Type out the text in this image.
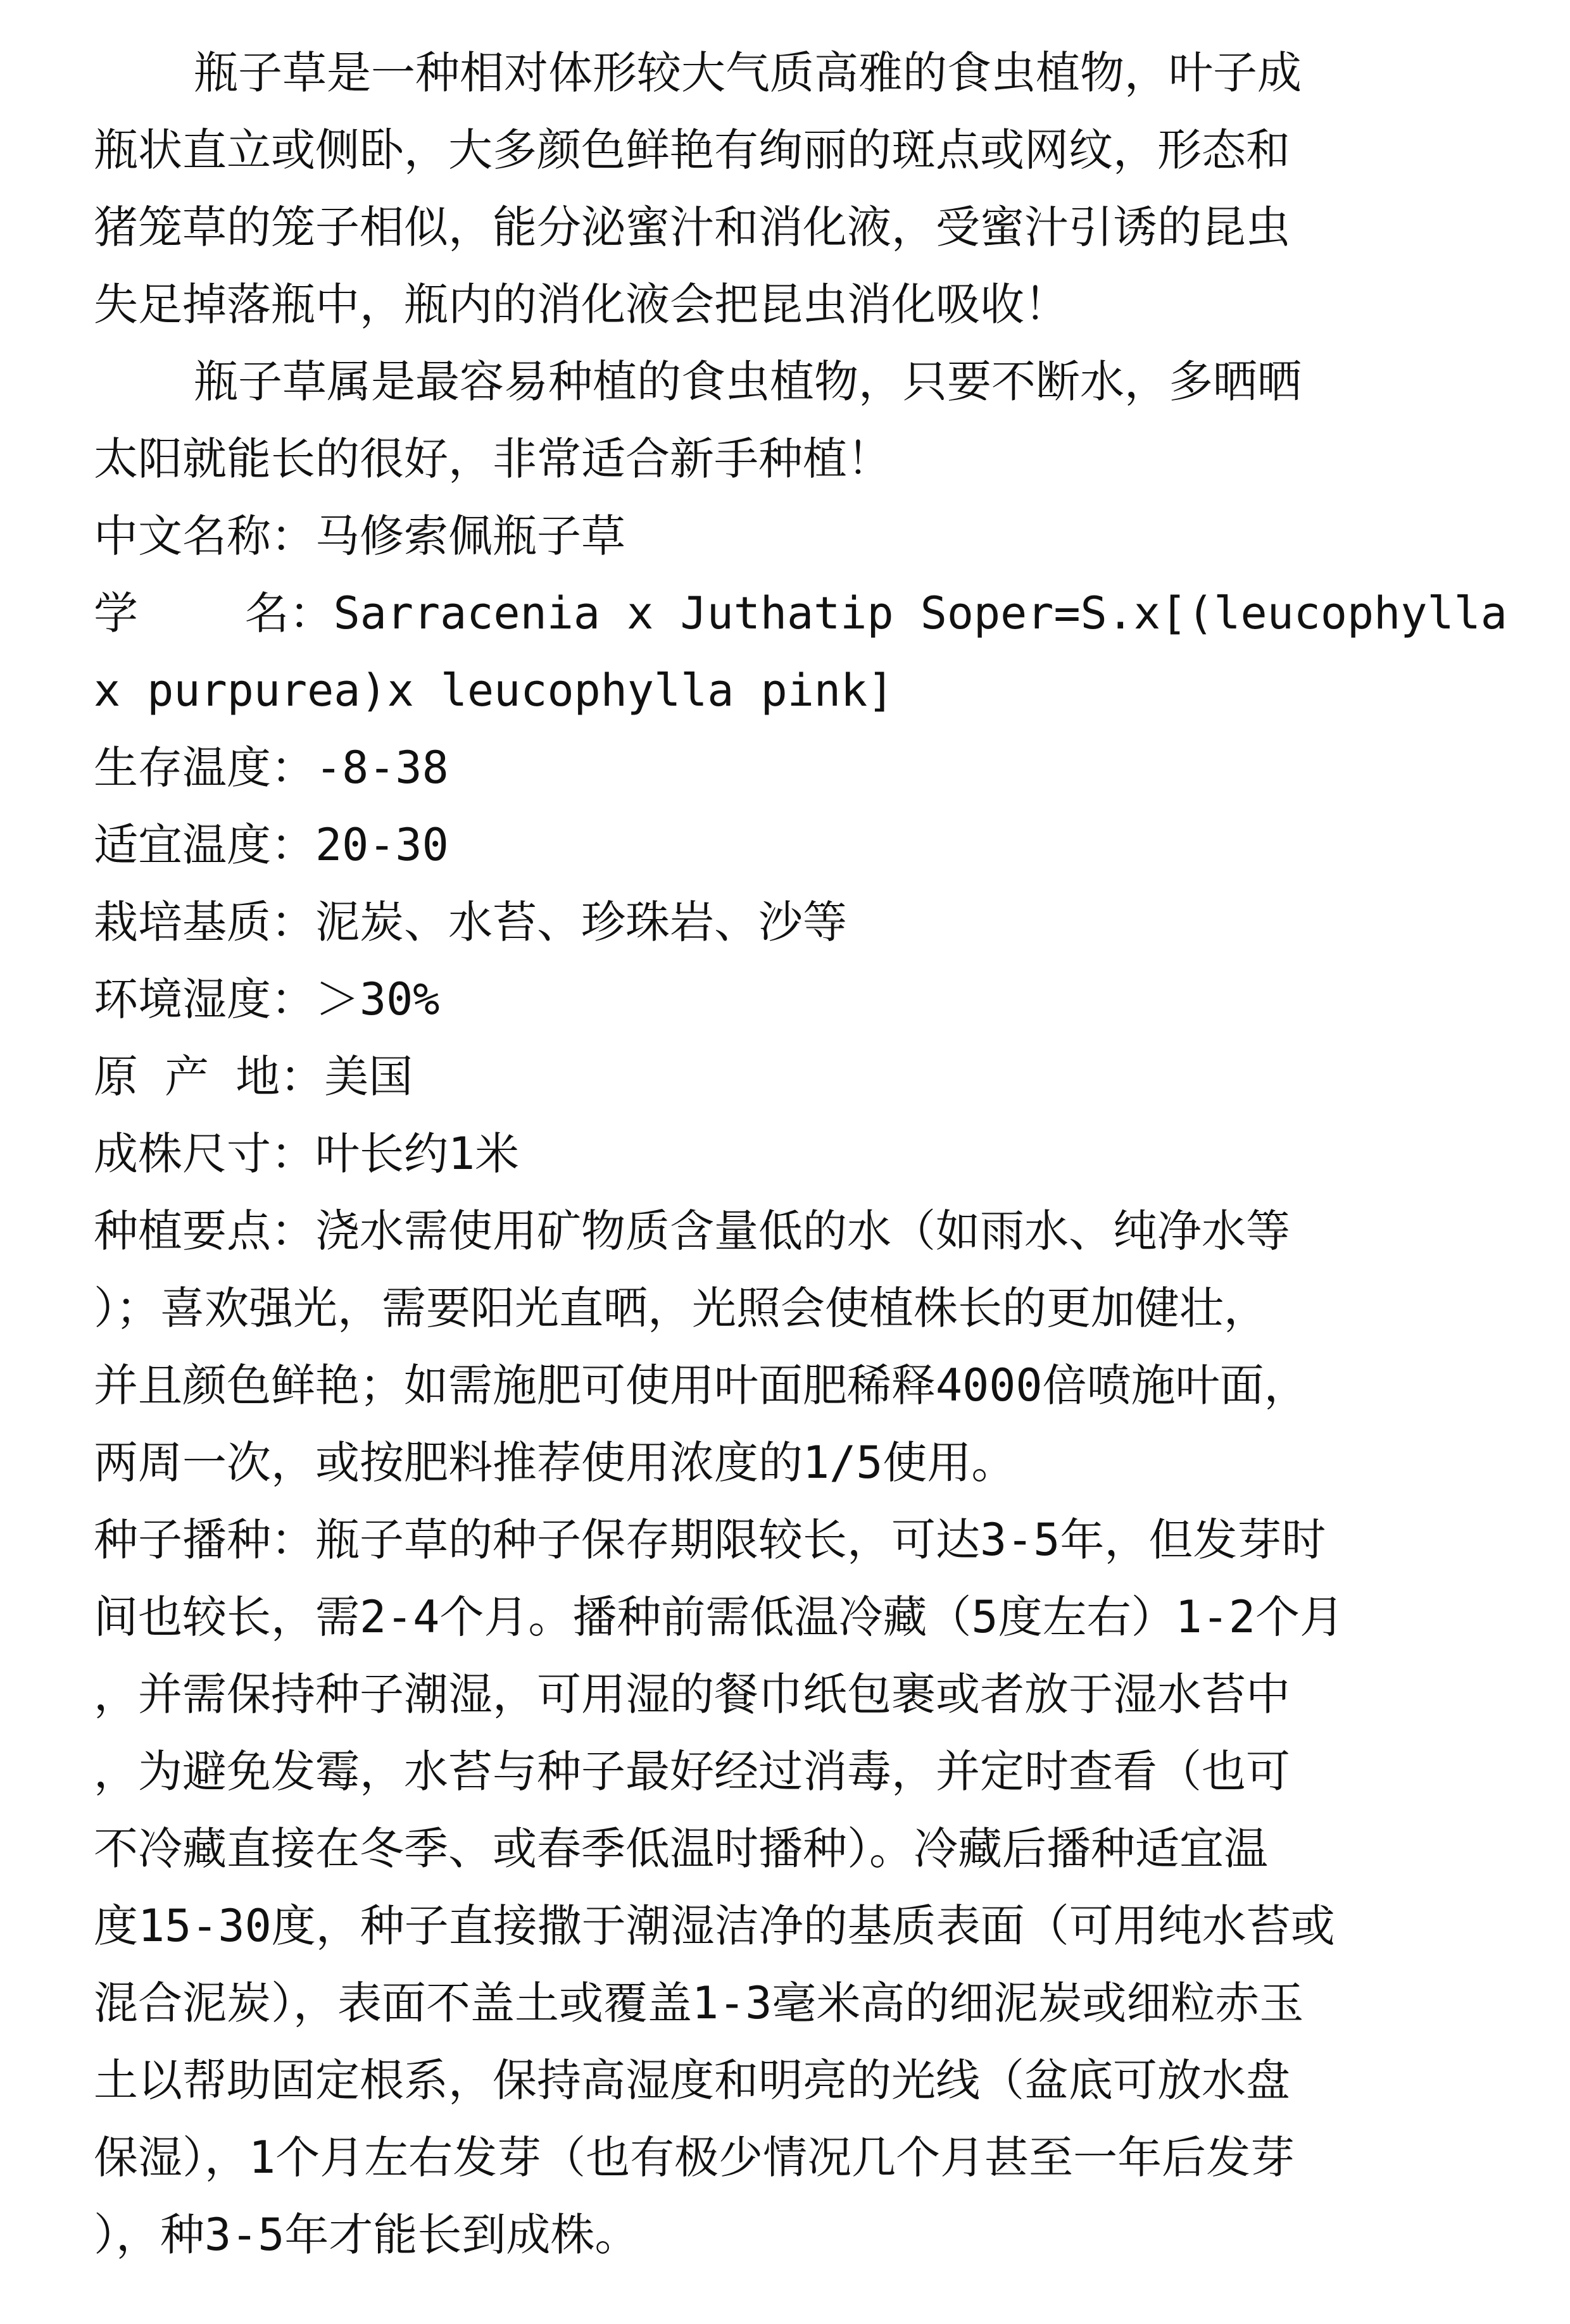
瓶子草是一种相对体形较大气质高雅的食虫植物，叶子成
瓶状直立或侧卧，大多颜色鲜艳有绚丽的斑点或网纹，形态和
猪笼草的笼子相似，能分泌蜜汁和消化液，受蜜汁引诱的昆虫
失足掉落瓶中，瓶内的消化液会把昆虫消化吸收！
瓶子草属是最容易种植的食虫植物，只要不断水，多晒晒
太阳就能长的很好，非常适合新手种植！
中文名称：马修索佩瓶子草
学    名：Sarracenia x Juthatip Soper=S.x[(leucophylla
x purpurea)x leucophylla pink]
生存温度：-8-38
适宜温度：20-30
栽培基质：泥炭、水苔、珍珠岩、沙等
环境湿度：＞30%
原 产 地：美国
成株尺寸：叶长约1米
种植要点：浇水需使用矿物质含量低的水（如雨水、纯净水等
）；喜欢强光，需要阳光直晒，光照会使植株长的更加健壮，
并且颜色鲜艳；如需施肥可使用叶面肥稀释4000倍喷施叶面，
两周一次，或按肥料推荐使用浓度的1/5使用。
种子播种：瓶子草的种子保存期限较长，可达3-5年，但发芽时
间也较长，需2-4个月。播种前需低温冷藏（5度左右）1-2个月
，并需保持种子潮湿，可用湿的餐巾纸包裹或者放于湿水苔中
，为避免发霉，水苔与种子最好经过消毒，并定时查看（也可
不冷藏直接在冬季、或春季低温时播种）。冷藏后播种适宜温
度15-30度，种子直接撒于潮湿洁净的基质表面（可用纯水苔或
混合泥炭），表面不盖土或覆盖1-3毫米高的细泥炭或细粒赤玉
土以帮助固定根系，保持高湿度和明亮的光线（盆底可放水盘
保湿），1个月左右发芽（也有极少情况几个月甚至一年后发芽
），种3-5年才能长到成株。
